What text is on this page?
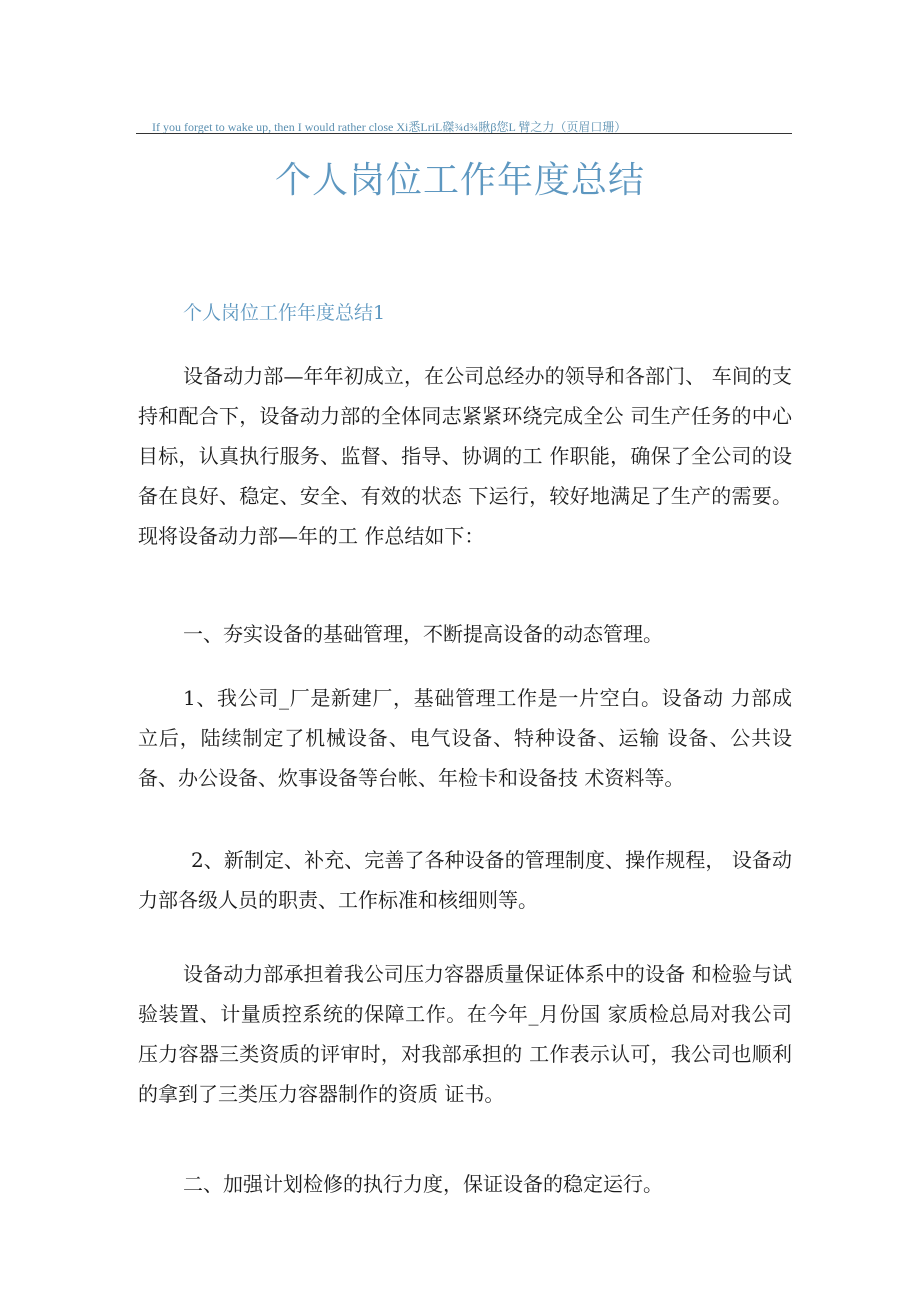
If you forget to wake up, then I would rather close Xi悉LriL磔¾d¾瞅β您L 臂之力（页眉口珊）
个人岗位工作年度总结
个人岗位工作年度总结1
设备动力部—年年初成立，在公司总经办的领导和各部门、 车间的支持和配合下，设备动力部的全体同志紧紧环绕完成全公 司生产任务的中心目标，认真执行服务、监督、指导、协调的工 作职能，确保了全公司的设备在良好、稳定、安全、有效的状态 下运行，较好地满足了生产的需要。现将设备动力部—年的工 作总结如下：
一、夯实设备的基础管理，不断提高设备的动态管理。
1、我公司_厂是新建厂，基础管理工作是一片空白。设备动 力部成立后，陆续制定了机械设备、电气设备、特种设备、运输 设备、公共设备、办公设备、炊事设备等台帐、年检卡和设备技 术资料等。
2、新制定、补充、完善了各种设备的管理制度、操作规程， 设备动力部各级人员的职责、工作标准和核细则等。
设备动力部承担着我公司压力容器质量保证体系中的设备 和检验与试验装置、计量质控系统的保障工作。在今年_月份国 家质检总局对我公司压力容器三类资质的评审时，对我部承担的 工作表示认可，我公司也顺利的拿到了三类压力容器制作的资质 证书。
二、加强计划检修的执行力度，保证设备的稳定运行。
